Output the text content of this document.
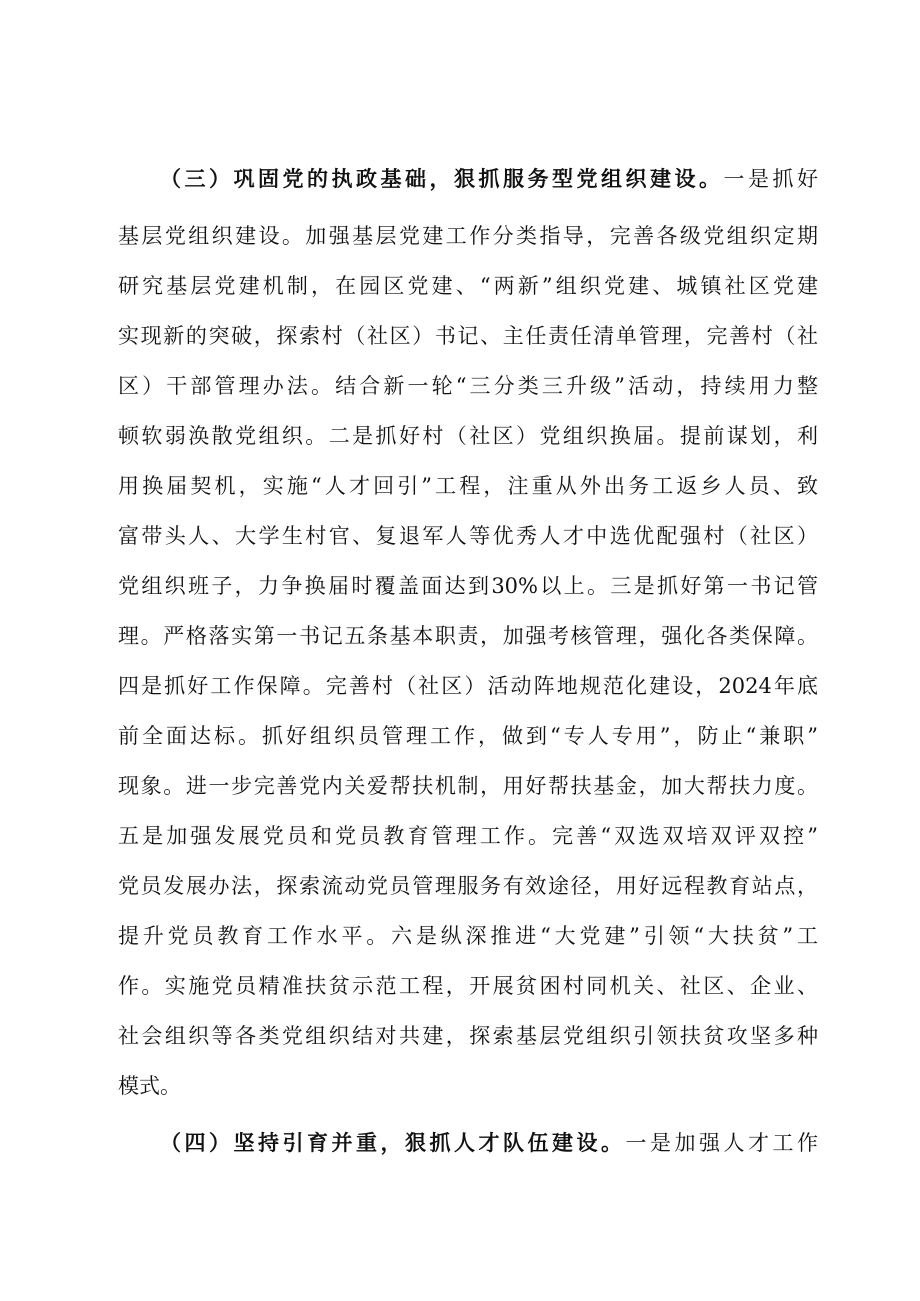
（三）巩固党的执政基础，狠抓服务型党组织建设。一是抓好
基层党组织建设。加强基层党建工作分类指导，完善各级党组织定期
研究基层党建机制，在园区党建、“两新”组织党建、城镇社区党建
实现新的突破，探索村（社区）书记、主任责任清单管理，完善村（社
区）干部管理办法。结合新一轮“三分类三升级”活动，持续用力整
顿软弱涣散党组织。二是抓好村（社区）党组织换届。提前谋划，利
用换届契机，实施“人才回引”工程，注重从外出务工返乡人员、致
富带头人、大学生村官、复退军人等优秀人才中选优配强村（社区）
党组织班子，力争换届时覆盖面达到30%以上。三是抓好第一书记管
理。严格落实第一书记五条基本职责，加强考核管理，强化各类保障。
四是抓好工作保障。完善村（社区）活动阵地规范化建设，2024年底
前全面达标。抓好组织员管理工作，做到“专人专用”，防止“兼职”
现象。进一步完善党内关爱帮扶机制，用好帮扶基金，加大帮扶力度。
五是加强发展党员和党员教育管理工作。完善“双选双培双评双控”
党员发展办法，探索流动党员管理服务有效途径，用好远程教育站点，
提升党员教育工作水平。六是纵深推进“大党建”引领“大扶贫”工
作。实施党员精准扶贫示范工程，开展贫困村同机关、社区、企业、
社会组织等各类党组织结对共建，探索基层党组织引领扶贫攻坚多种
模式。
（四）坚持引育并重，狠抓人才队伍建设。一是加强人才工作
